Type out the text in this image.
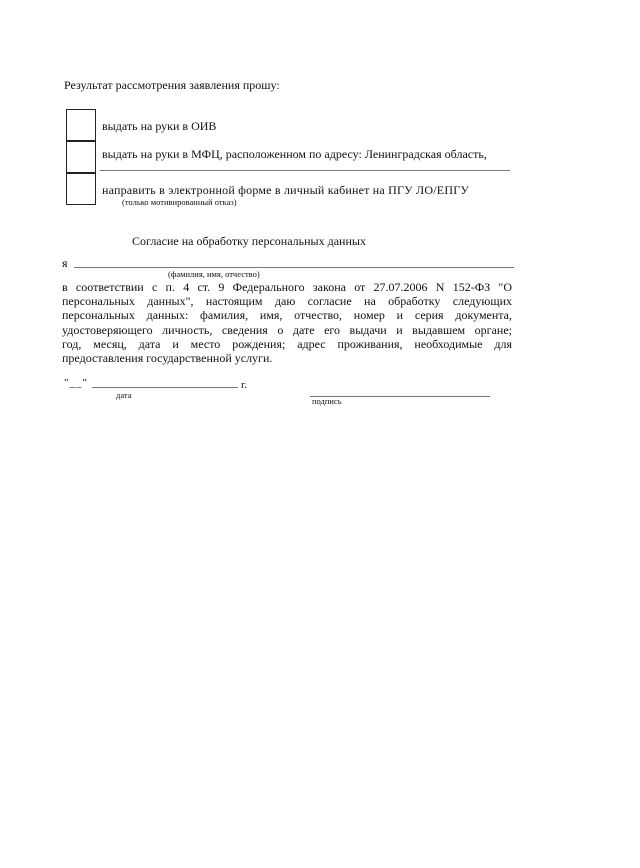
Результат рассмотрения заявления прошу:
выдать на руки в ОИВ
выдать на руки в МФЦ, расположенном по адресу: Ленинградская область,
направить в электронной форме в личный кабинет на ПГУ ЛО/ЕПГУ
(только мотивированный отказ)
Согласие на обработку персональных данных
я
(фамилия, имя, отчество)
в соответствии с п. 4 ст. 9 Федерального закона от 27.07.2006 N 152-ФЗ "О
персональных данных", настоящим даю согласие на обработку следующих
персональных данных: фамилия, имя, отчество, номер и серия документа,
удостоверяющего личность, сведения о дате его выдачи и выдавшем органе;
год, месяц, дата и место рождения; адрес проживания, необходимые для
предоставления государственной услуги.
"__"	г.
дата
подпись
